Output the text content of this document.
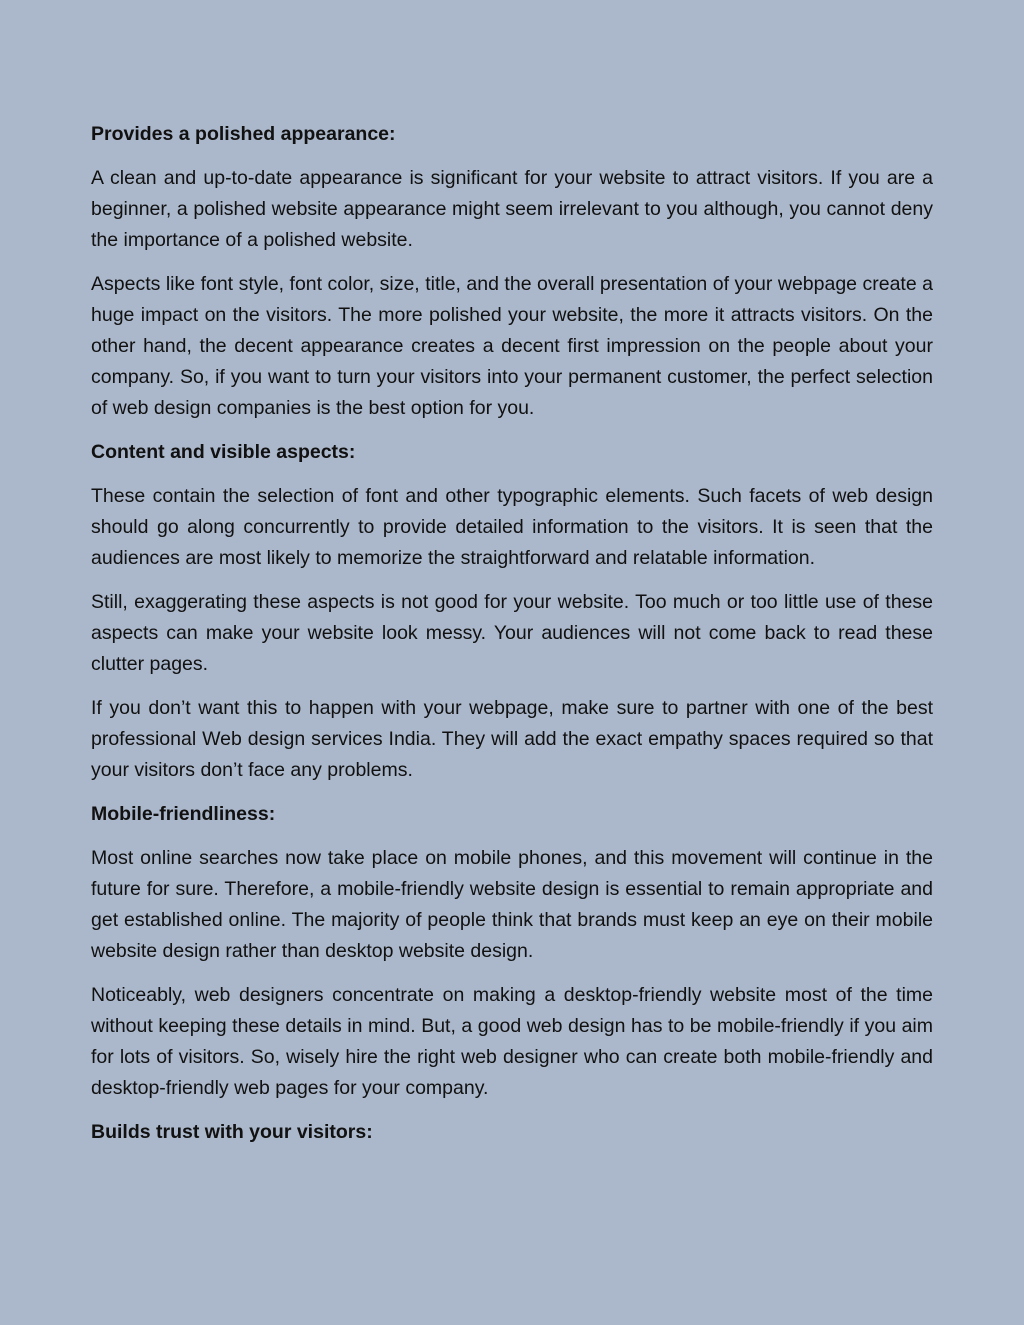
Provides a polished appearance:

A clean and up-to-date appearance is significant for your website to attract visitors. If you are a beginner, a polished website appearance might seem irrelevant to you although, you cannot deny the importance of a polished website.

Aspects like font style, font color, size, title, and the overall presentation of your webpage create a huge impact on the visitors. The more polished your website, the more it attracts visitors. On the other hand, the decent appearance creates a decent first impression on the people about your company. So, if you want to turn your visitors into your permanent customer, the perfect selection of web design companies is the best option for you.

Content and visible aspects:

These contain the selection of font and other typographic elements. Such facets of web design should go along concurrently to provide detailed information to the visitors. It is seen that the audiences are most likely to memorize the straightforward and relatable information.

Still, exaggerating these aspects is not good for your website. Too much or too little use of these aspects can make your website look messy. Your audiences will not come back to read these clutter pages.

If you don’t want this to happen with your webpage, make sure to partner with one of the best professional Web design services India. They will add the exact empathy spaces required so that your visitors don’t face any problems.

Mobile-friendliness:

Most online searches now take place on mobile phones, and this movement will continue in the future for sure. Therefore, a mobile-friendly website design is essential to remain appropriate and get established online. The majority of people think that brands must keep an eye on their mobile website design rather than desktop website design.

Noticeably, web designers concentrate on making a desktop-friendly website most of the time without keeping these details in mind. But, a good web design has to be mobile-friendly if you aim for lots of visitors. So, wisely hire the right web designer who can create both mobile-friendly and desktop-friendly web pages for your company.

Builds trust with your visitors:
